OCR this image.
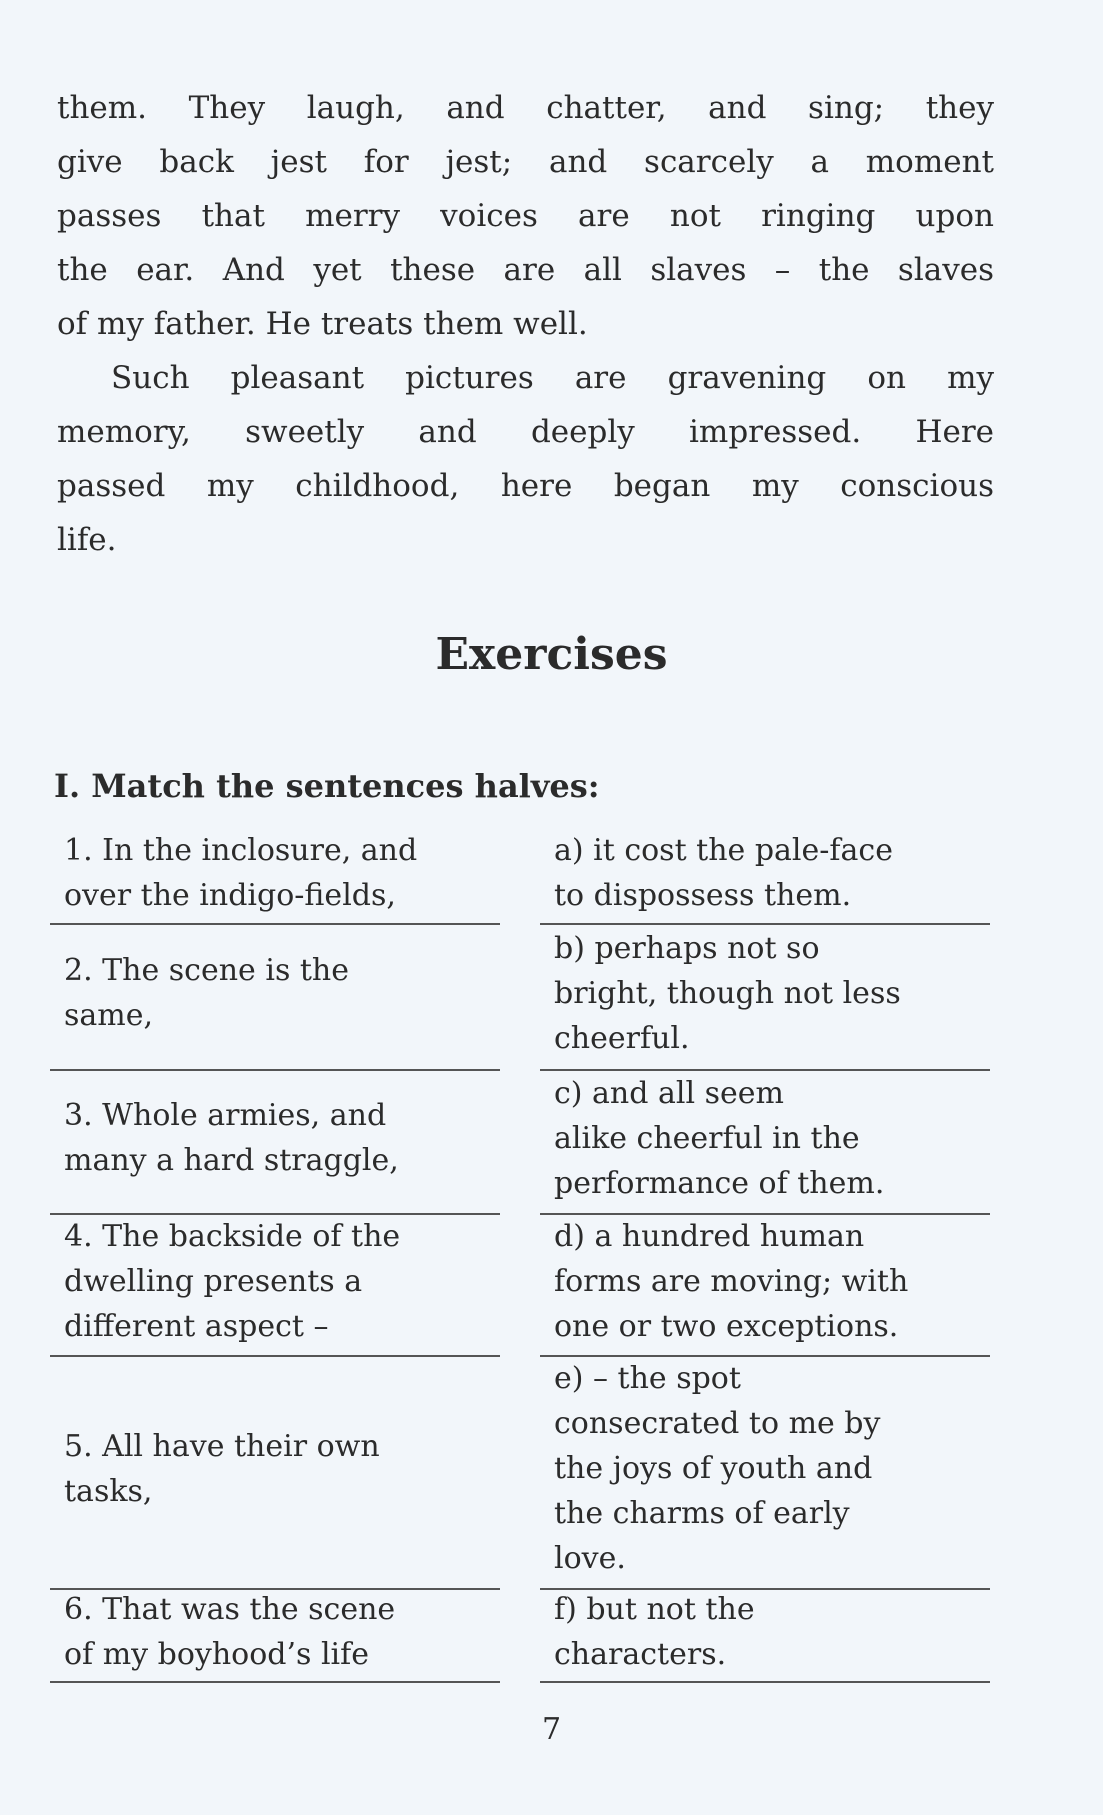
them. They laugh, and chatter, and sing; they
give back jest for jest; and scarcely a moment
passes that merry voices are not ringing upon
the ear. And yet these are all slaves – the slaves
of my father. He treats them well.
Such pleasant pictures are gravening on my
memory, sweetly and deeply impressed. Here
passed my childhood, here began my conscious
life.
Exercises
I. Match the sentences halves:
1. In the inclosure, and
over the indigo-fields,
a) it cost the pale-face
to dispossess them.
2. The scene is the
same,
b) perhaps not so
bright, though not less
cheerful.
3. Whole armies, and
many a hard straggle,
c) and all seem
alike cheerful in the
performance of them.
4. The backside of the
dwelling presents a
different aspect –
d) a hundred human
forms are moving; with
one or two exceptions.
5. All have their own
tasks,
e) – the spot
consecrated to me by
the joys of youth and
the charms of early
love.
6. That was the scene
of my boyhood’s life
f) but not the
characters.
7
